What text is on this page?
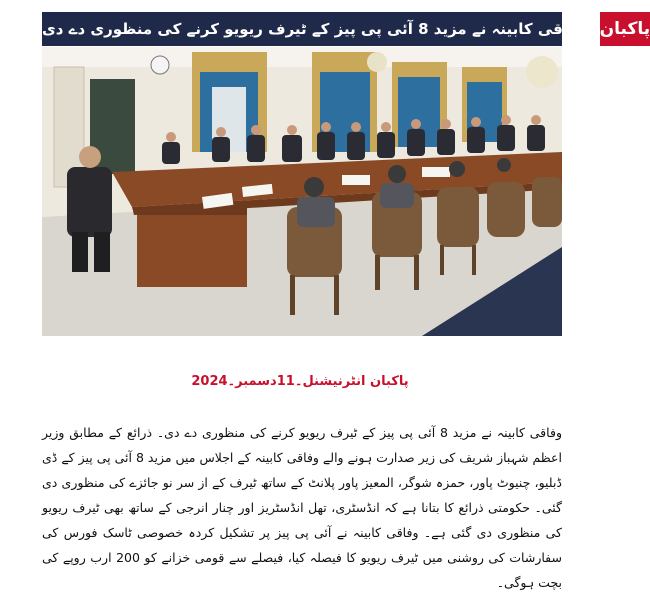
وفاقی کابینہ نے مزید 8 آئی پی پیز کے ٹیرف ریویو کرنے کی منظوری دے دی پاکبان
پاکبان انٹرنیشنل۔11دسمبر۔2024

وفاقی کابینہ نے مزید 8 آئی پی پیز کے ٹیرف ریویو کرنے کی منظوری دے دی۔ ذرائع کے مطابق وزیر اعظم شہباز شریف کی زیر صدارت ہونے والے وفاقی کابینہ کے اجلاس میں مزید 8 آئی پی پیز کے ڈی ڈبلیو، چنیوٹ پاور، حمزہ شوگر، المعیز پاور پلانٹ کے ساتھ ٹیرف کے از سر نو جائزے کی منظوری دی گئی۔ حکومتی ذرائع کا بتانا ہے کہ انڈسٹری، تھل انڈسٹریز اور چنار انرجی کے ساتھ بھی ٹیرف ریویو کی منظوری دی گئی ہے۔ وفاقی کابینہ نے آئی پی پیز پر تشکیل کردہ خصوصی ٹاسک فورس کی سفارشات کی روشنی میں ٹیرف ریویو کا فیصلہ کیا، فیصلے سے قومی خزانے کو 200 ارب روپے کی بچت ہوگی۔
